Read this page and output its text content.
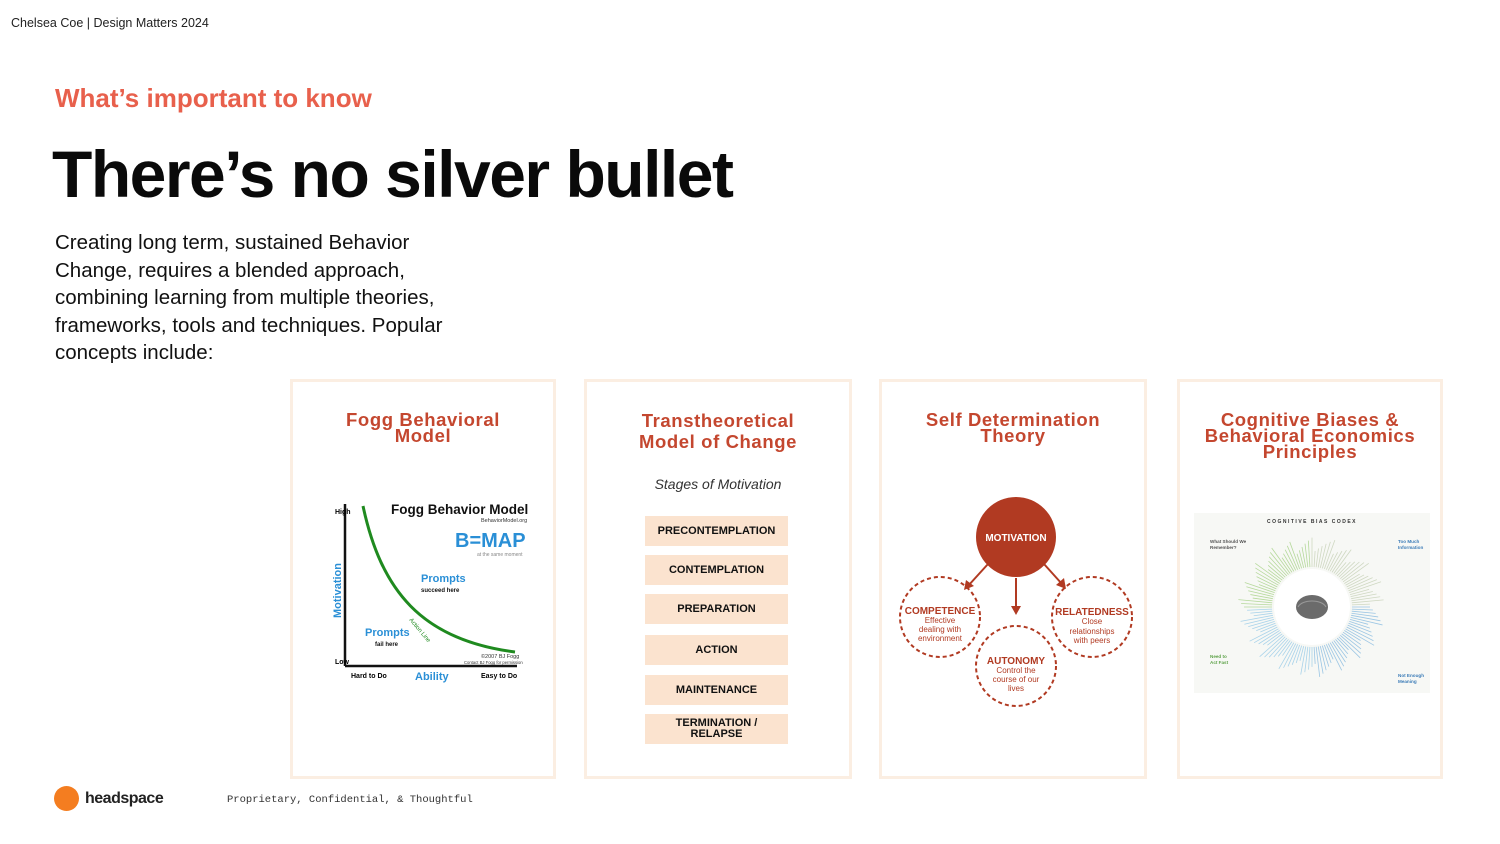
Chelsea Coe | Design Matters 2024
What’s important to know
There’s no silver bullet

Creating long term, sustained Behavior Change, requires a blended approach, combining learning from multiple theories, frameworks, tools and techniques. Popular concepts include:

Fogg Behavioral
Model
High
Low
Motivation
Fogg Behavior Model
BehaviorModel.org
B=MAP
at the same moment
Prompts
succeed here
Action Line
Prompts
fail here
©2007 BJ Fogg
Contact BJ Fogg for permission
Hard to Do	Ability	Easy to Do
Transtheoretical
Model of Change
Stages of Motivation
PRECONTEMPLATION
CONTEMPLATION
PREPARATION
ACTION
MAINTENANCE
TERMINATION /
RELAPSE
Self Determination
Theory
MOTIVATION
COMPETENCE
Effective
dealing with
environment
RELATEDNESS
Close
relationships
with peers
AUTONOMY
Control the
course of our
lives
Cognitive Biases &
Behavioral Economics
Principles
COGNITIVE BIAS CODEX
What Should We
Remember?
Too Much
Information
Need to
Act Fast
Not Enough
Meaning
headspace	Proprietary, Confidential, & Thoughtful
